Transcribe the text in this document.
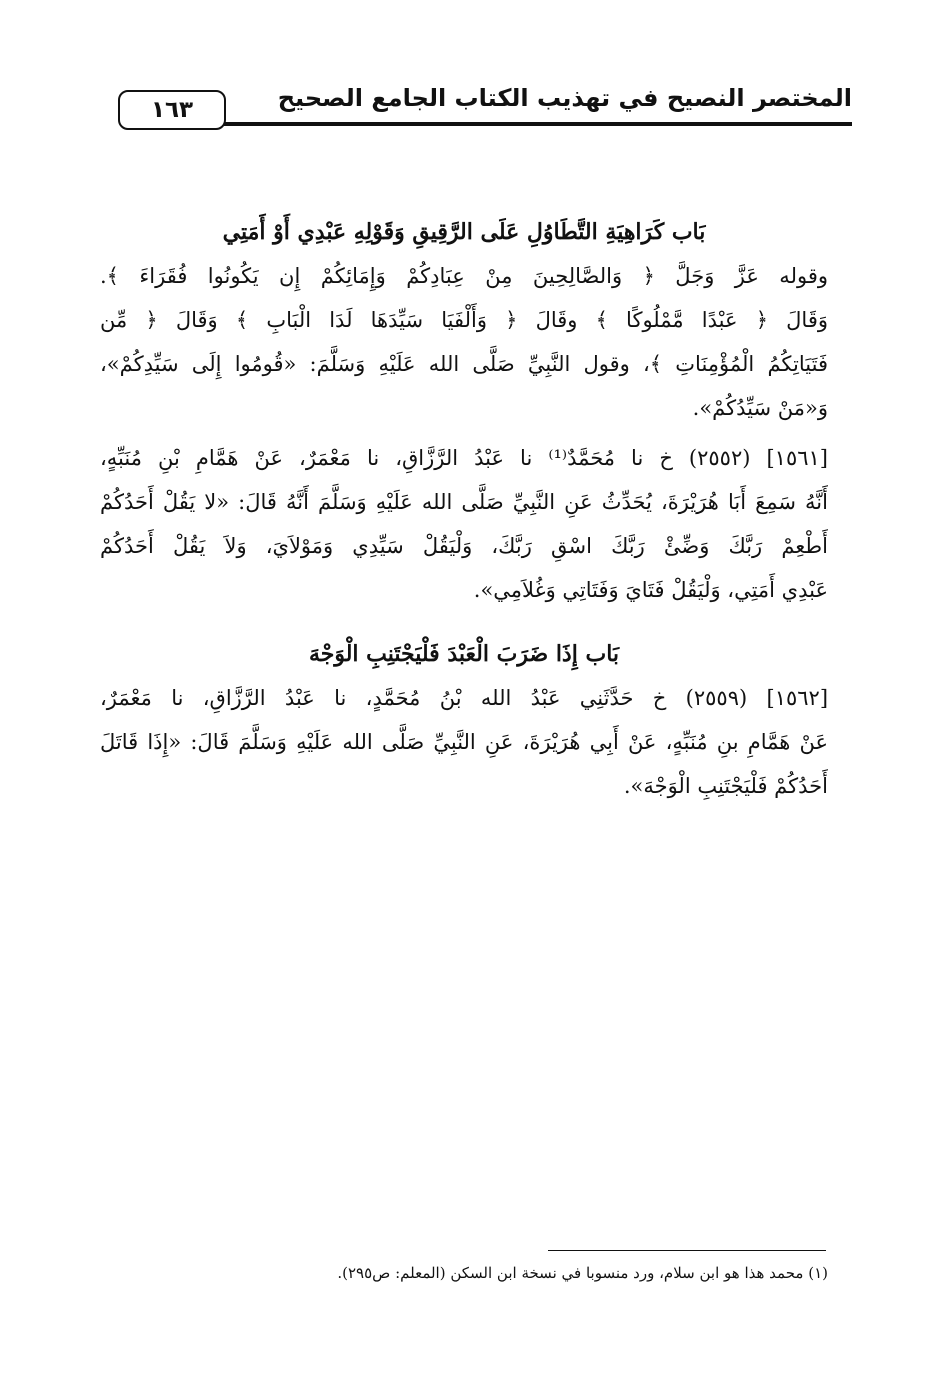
المختصر النصيح في تهذيب الكتاب الجامع الصحيح
١٦٣
بَاب كَرَاهِيَةِ التَّطَاوُلِ عَلَى الرَّقِيقِ وَقَوْلِهِ عَبْدِي أَوْ أَمَتِي
وقوله عَزَّ وَجَلَّ ﴿ وَالصَّالِحِينَ مِنْ عِبَادِكُمْ وَإِمَائِكُمْ إِن يَكُونُوا فُقَرَاءَ ﴾.
وَقَالَ ﴿ عَبْدًا مَّمْلُوكًا ﴾ وقَالَ ﴿ وَأَلْفَيَا سَيِّدَهَا لَدَا الْبَابِ ﴾ وَقَالَ ﴿ مِّن
فَتَيَاتِكُمُ الْمُؤْمِنَاتِ ﴾، وقول النَّبِيِّ صَلَّى الله عَلَيْهِ وَسَلَّمَ: «قُومُوا إِلَى سَيِّدِكُمْ»،
وَ«مَنْ سَيِّدُكُمْ».
[١٥٦١] (٢٥٥٢) خ نا مُحَمَّدٌ⁽¹⁾ نا عَبْدُ الرَّزَّاقِ، نا مَعْمَرٌ، عَنْ هَمَّامِ بْنِ مُنَبِّهٍ،
أَنَّهُ سَمِعَ أَبَا هُرَيْرَةَ، يُحَدِّثُ عَنِ النَّبِيِّ صَلَّى الله عَلَيْهِ وَسَلَّمَ أَنَّهُ قَالَ: «لا يَقُلْ أَحَدُكُمْ
أَطْعِمْ رَبَّكَ وَضِّئْ رَبَّكَ اسْقِ رَبَّكَ، وَلْيَقُلْ سَيِّدِي وَمَوْلاَيَ، وَلاَ يَقُلْ أَحَدُكُمْ
عَبْدِي أَمَتِي، وَلْيَقُلْ فَتَايَ وَفَتَاتِي وَغُلاَمِي».
بَاب إِذَا ضَرَبَ الْعَبْدَ فَلْيَجْتَنِبِ الْوَجْهَ
[١٥٦٢] (٢٥٥٩) خ حَدَّثَنِي عَبْدُ الله بْنُ مُحَمَّدٍ، نا عَبْدُ الرَّزَّاقِ، نا مَعْمَرٌ،
عَنْ هَمَّامِ بنِ مُنَبِّهٍ، عَنْ أَبِي هُرَيْرَةَ، عَنِ النَّبِيِّ صَلَّى الله عَلَيْهِ وَسَلَّمَ قَالَ: «إِذَا قَاتَلَ
أَحَدُكُمْ فَلْيَجْتَنِبِ الْوَجْهَ».
(١) محمد هذا هو ابن سلام، ورد منسوبا في نسخة ابن السكن (المعلم: ص٢٩٥).
